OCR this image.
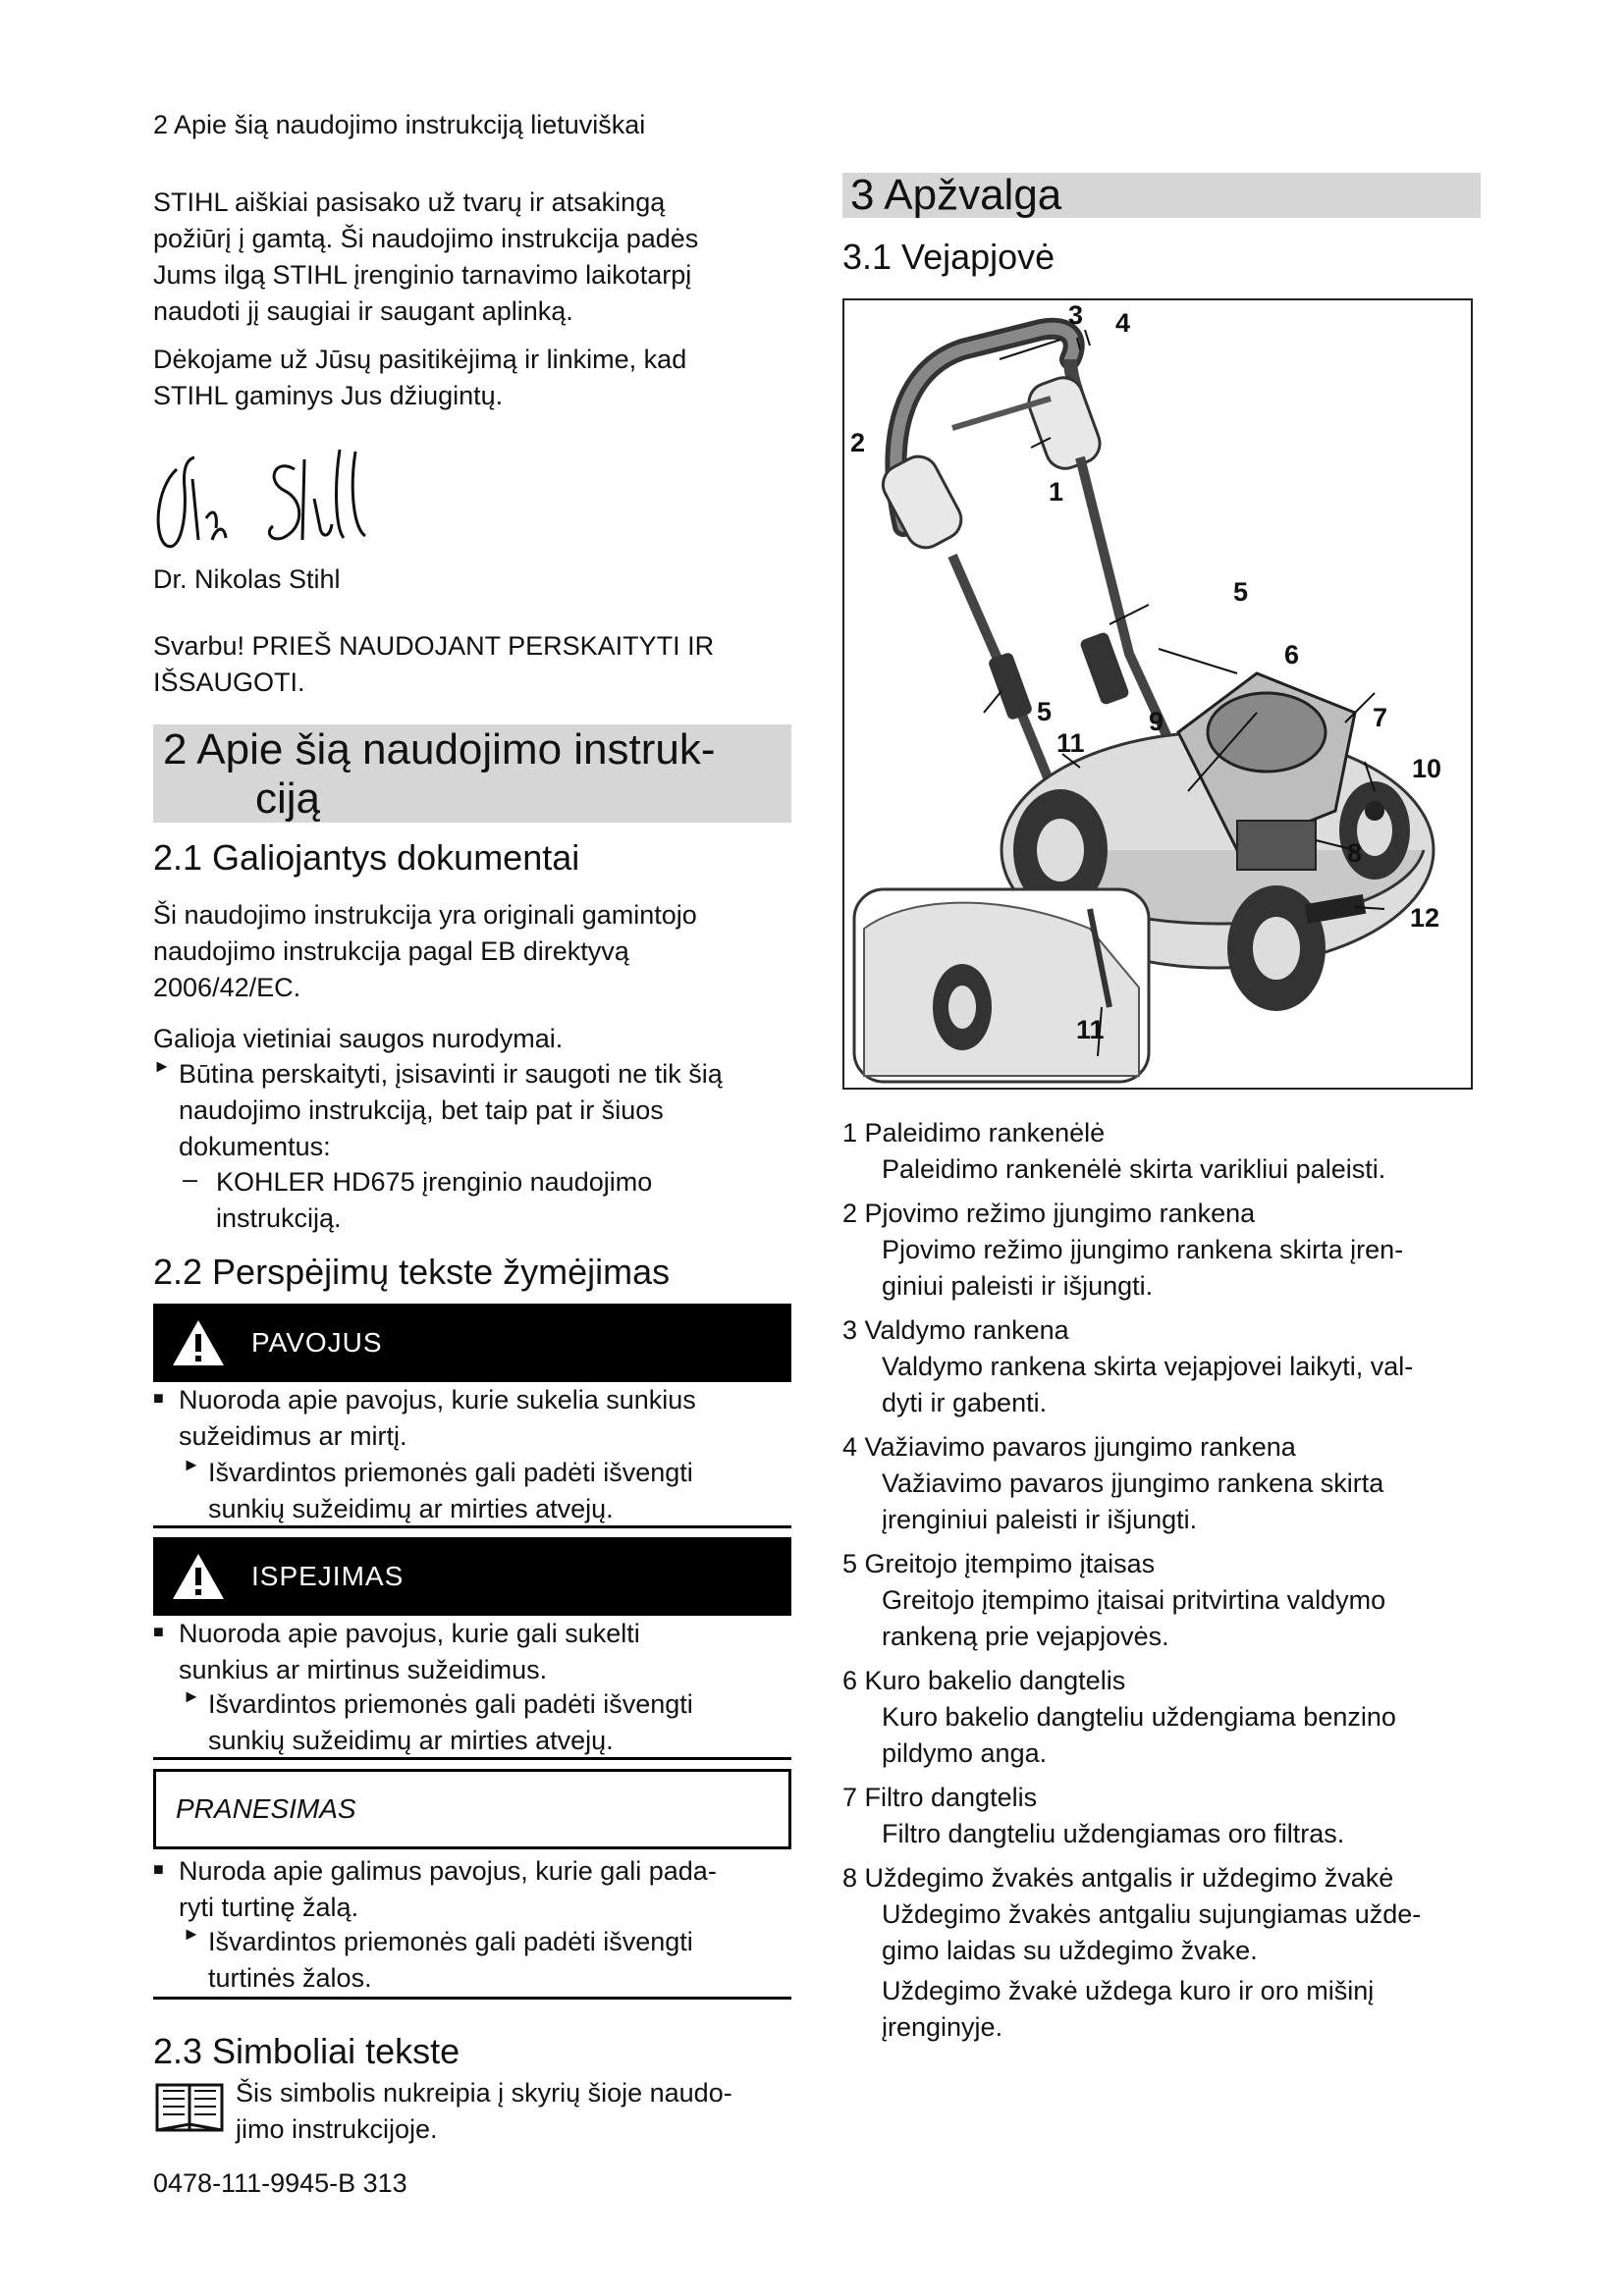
2 Apie šią naudojimo instrukciją lietuviškai

STIHL aiškiai pasisako už tvarų ir atsakingą

požiūrį į gamtą. Ši naudojimo instrukcija padės

Jums ilgą STIHL įrenginio tarnavimo laikotarpį

naudoti jį saugiai ir saugant aplinką.

Dėkojame už Jūsų pasitikėjimą ir linkime, kad

STIHL gaminys Jus džiugintų.

Dr. Nikolas Stihl

Svarbu! PRIEŠ NAUDOJANT PERSKAITYTI IR

IŠSAUGOTI.

2 Apie šią naudojimo instruk-
ciją
2.1 Galiojantys dokumentai

Ši naudojimo instrukcija yra originali gamintojo

naudojimo instrukcija pagal EB direktyvą

2006/42/EC.

Galioja vietiniai saugos nurodymai.
► Būtina perskaityti, įsisavinti ir saugoti ne tik šią

naudojimo instrukciją, bet taip pat ir šiuos

dokumentus:

– KOHLER HD675 įrenginio naudojimo

instrukciją.

2.2 Perspėjimų tekste žymėjimas
PAVOJUS
■ Nuoroda apie pavojus, kurie sukelia sunkius

sužeidimus ar mirtį.

► Išvardintos priemonės gali padėti išvengti

sunkių sužeidimų ar mirties atvejų.

ISPEJIMAS
■ Nuoroda apie pavojus, kurie gali sukelti

sunkius ar mirtinus sužeidimus.

► Išvardintos priemonės gali padėti išvengti

sunkių sužeidimų ar mirties atvejų.

PRANESIMAS
■ Nuroda apie galimus pavojus, kurie gali pada-

ryti turtinę žalą.

► Išvardintos priemonės gali padėti išvengti

turtinės žalos.

2.3 Simboliai tekste

Šis simbolis nukreipia į skyrių šioje naudo-

jimo instrukcijoje.

0478-111-9945-B 313
3 Apžvalga
3.1 Vejapjovė
3 4
2
1
5
6
5	7
9
11
10
8
12
11
1 Paleidimo rankenėlė
Paleidimo rankenėlė skirta varikliui paleisti.
2 Pjovimo režimo įjungimo rankena
Pjovimo režimo įjungimo rankena skirta įren-
giniui paleisti ir išjungti.
3 Valdymo rankena
Valdymo rankena skirta vejapjovei laikyti, val-
dyti ir gabenti.
4 Važiavimo pavaros įjungimo rankena
Važiavimo pavaros įjungimo rankena skirta
įrenginiui paleisti ir išjungti.
5 Greitojo įtempimo įtaisas
Greitojo įtempimo įtaisai pritvirtina valdymo
rankeną prie vejapjovės.
6 Kuro bakelio dangtelis
Kuro bakelio dangteliu uždengiama benzino
pildymo anga.
7 Filtro dangtelis
Filtro dangteliu uždengiamas oro filtras.
8 Uždegimo žvakės antgalis ir uždegimo žvakė
Uždegimo žvakės antgaliu sujungiamas užde-
gimo laidas su uždegimo žvake.
Uždegimo žvakė uždega kuro ir oro mišinį
įrenginyje.
